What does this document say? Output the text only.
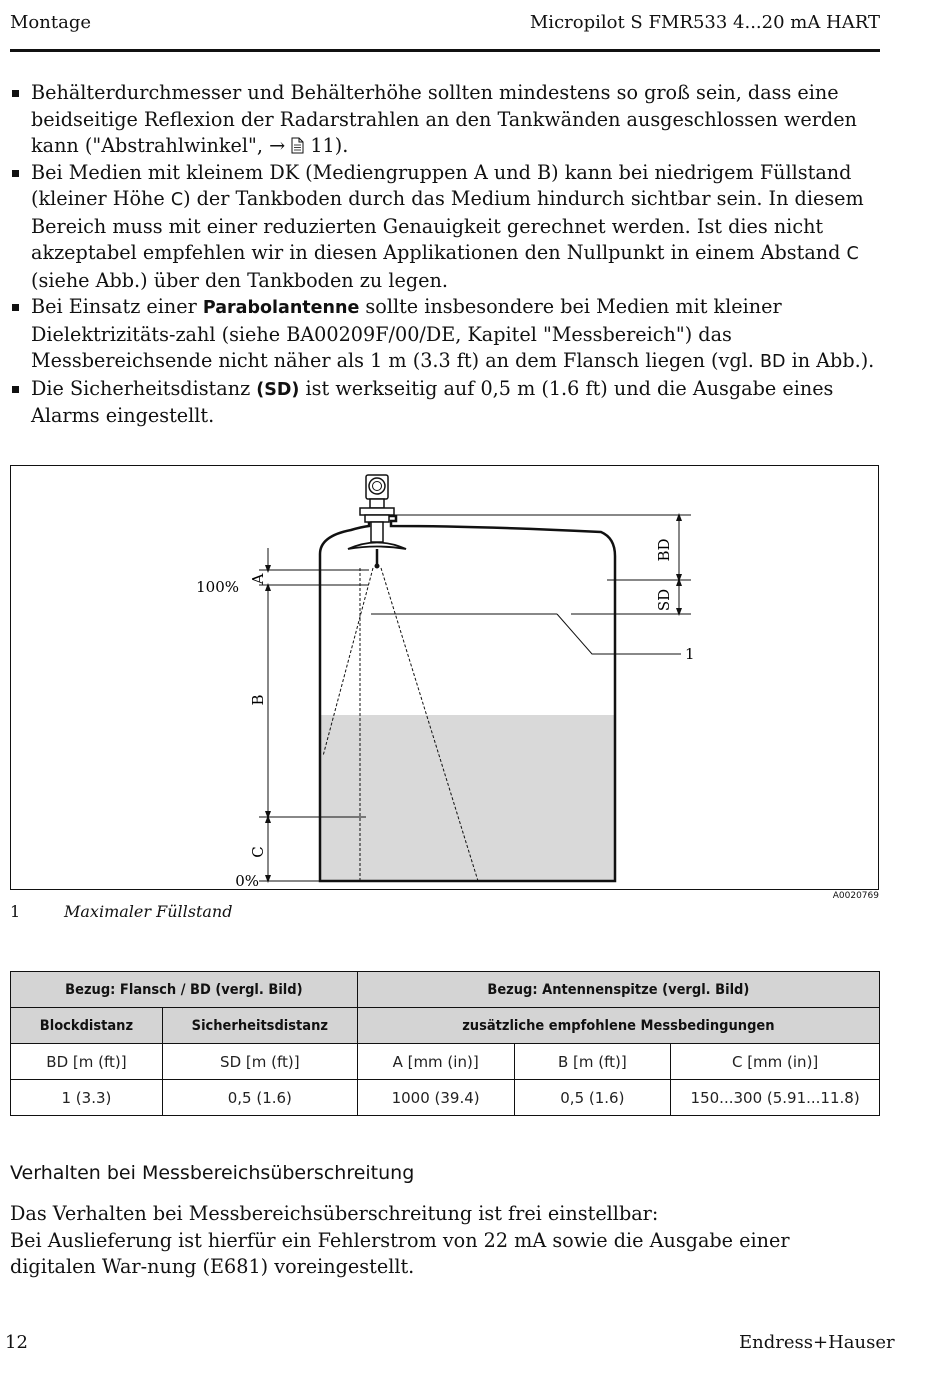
Montage	Micropilot S FMR533 4...20 mA HART
Behälterdurchmesser und Behälterhöhe sollten mindestens so groß sein, dass eine beidseitige Reflexion der Radarstrahlen an den Tankwänden ausgeschlossen werden kann ("Abstrahlwinkel", →  11).
Bei Medien mit kleinem DK (Mediengruppen A und B) kann bei niedrigem Füllstand (kleiner Höhe C) der Tankboden durch das Medium hindurch sichtbar sein. In diesem Bereich muss mit einer reduzierten Genauigkeit gerechnet werden. Ist dies nicht akzeptabel empfehlen wir in diesen Applikationen den Nullpunkt in einem Abstand C (siehe Abb.) über den Tankboden zu legen.
Bei Einsatz einer Parabolantenne sollte insbesondere bei Medien mit kleiner Dielektrizitäts-zahl (siehe BA00209F/00/DE, Kapitel "Messbereich") das Messbereichsende nicht näher als 1 m (3.3 ft) an dem Flansch liegen (vgl. BD in Abb.).
Die Sicherheitsdistanz (SD) ist werkseitig auf 0,5 m (1.6 ft) und die Ausgabe eines Alarms eingestellt.
1
BD
SD
A
B
C
100%
0%
A0020769
1	Maximaler Füllstand
Bezug: Flansch / BD (vergl. Bild)		Bezug: Antennenspitze (vergl. Bild)		
Blockdistanz	Sicherheitsdistanz	zusätzliche empfohlene Messbedingungen		
BD [m (ft)]	SD [m (ft)]	A [mm (in)]	B [m (ft)]	C [mm (in)]
1 (3.3)	0,5 (1.6)	1000 (39.4)	0,5 (1.6)	150...300 (5.91...11.8)
Verhalten bei Messbereichsüberschreitung

Das Verhalten bei Messbereichsüberschreitung ist frei einstellbar:
Bei Auslieferung ist hierfür ein Fehlerstrom von 22 mA sowie die Ausgabe einer digitalen War-nung (E681) voreingestellt.

12	Endress+Hauser
